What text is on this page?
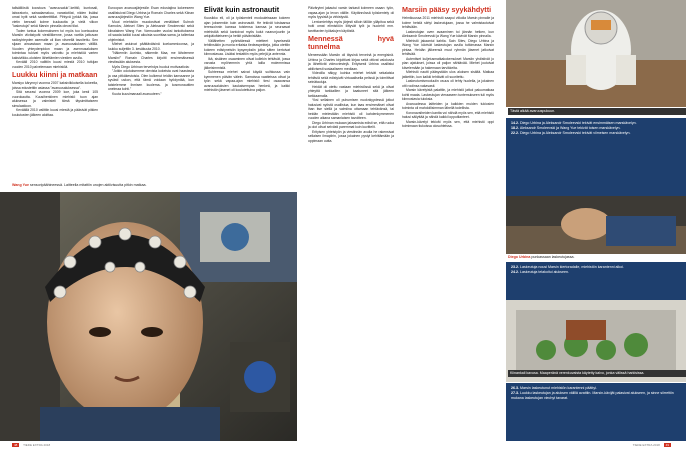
tallsäiliöstä koostuva "avaruusaluk"-keittiö, kuntosali, laboratorio, sairaalamakuu, varastotilat, niiden lisäksi omat hytit sekä saniteettitilat. Pihtyvä jyrkkä tila, jossa vietin kenraali kolme kuukautta ja vielä viikon "laskeutuja" sekä Marsin pinnalla olevat tilat.

Toden tuntua kokemukseen toi myös tuo koetauoina Marsiin viivästyvät viestiliikenne, jossa varttia jatkuvan radioyhteyden asemalle oli liian viiveellä tavoitettu. Sen sijaan ainoastaan maan ja avaruusaluksen välillä. Vuoden yhteydenpidon maan ja asennusaluksen toimintaa tukivat myös valvottu ja miehistöä varten kaksiviikko-oloisten lähettämien viestien avulla.

Kevääll 2010 valittiin kuusi miestä 2010 tutkijan vuoden 2010 palvelemaan miehistöä.

Luukku kiinni ja matkaan

Marsiyo kärynnyi vuonna 2007 kaksiviikkoisella kokeella, joissa edustettiin asiassa "avaruusaluksessa".

Sitä seurasi vuonna 2009 koe, joka kesti 105 vuorokautta. Kuusihenkinen miehistö tuon ajan aluksessa ja valmisteli tämä täysimittaiseen simulaatioon.

Keväällä 2010 valittiin kuusi miestä ja pääsivät pitkien koulutusten jälkeen aloittaa.

Euroopan avaruusjärjestön Esan edustajina kokeeseen osallistuivat Diego Urbina ja Romain Charles sekä Kiinan avaruusjärjestön Wang Yue.

Muut miehistön muodostivat venäläiset Suhrob Kamolov, Aleksei Sitev ja Aleksandr Smoleevski sekä kiinalainen Wang Yue. Varmuuden vuoksi tarkoituksena oli saada kaikki kuusi aikuista suorittaa sama, ja tallentaa ohjelmistot.

Miehet astuivat päättäväisinä koekammioonsa, ja luukku suljettiin 3. kesäkuuta 2010.

"Näkemiin Aurinko, näkemiin Maa, me lähdemme Marsiin!" Romain Charles kirjoitti ensimmäisessä viestissään aluksesta.

Myös Diego Urbinan tervehdys huokui motivaatiota:

"Jotkin odotuksemme olevista kokeista ovat haastavia ja osa pitkäkestoisia. Olen kulkenut teidän kanssanne ja syvästi uskon, että tämä voidaan hyödyntää, kun taistelemme ihmisen kuolema- ja kosmonauttien unelmaa kohti."

Kuuta kuusimanaali avaruuteen."

Elivät kuin astronautit

Kuusikko eli, oli ja työskenteli moduuleissaan kokeen ajan jokseenkin kuin astronautit. He tekivät toistaansa teressoinnin kanssa toistensa kanssa ja seuraavat miehistöä sekä kantoivat myös kulut naarunjuuriin ja arkipäiväteiseen ja hetkit päivänistään.

Vällähetten pyöristäessä mietteet kyseisestä tehtiinsäkin ja monia erilaisia tiedeaspekteja, jotka otettiin kokeen edistyneisiin kysymyksiin jotka sitten kertoivat kiinnostavaa. Lisäksi testattiin myös pelejä ja antennia.

Ikä, sisäinen osaaminen olivat kullekin tehtävät, jossa varusta myöhemmin yhtä lailla molemmissa jälkeisimmistä.

Suhteessa miehet saivat käydä suihkussa vain kymmenen päivän välein. Samoissa vaatteissa olivat ja työn sekä vapaa-ajan miehistö tiesi osaavansa avaruusaluksien kaukaisempaa henkeä, ja kaikki miehistön jäsenet oli koulutettuina paljon.

Wang Yue sensoripäähineessä. Laitteella mitattiin unojen aktiivisuutta pitkin matkaa.

Päivärytmi jakautui varsin tarkasti kolmeen osaan: työn, vapaa-ajan ja levon välille. Käytännössä työskentely oli myös fyysistä ja virkistystä.

Lentomiehitys myös järjesti silloin tällöin ylläpitoa sekä hoiti omat elimistöön liittyvät työt ja huolehti mm. tarvittavien työkalujen käytöstä.

Mennessä hyvä tunnelma

Meneessään Marsiin oli täysinä terveinä ja energisinä. Urbina ja Charles kirjoittivat kirjaa sekä ottivat valokuvia ja lähettivät videoviestejä. Erityisesti Urbina osallistui aktiivisesti sosiaaliseen mediaan.

Videoilla näkyy, kuinka miehet tekivät sekalaisia tehtäviä sekä edistyivät virtuaalisella pelissä ja toimittivat seinätauluja.

Heidät oli otettu vastaan miehistössä sekä ja olivat yhteyttä tarkkaillen ja kaatuneet sitä jälkeen tarkkaamalla.

Yksi sellainen oli puhumisen nuoknkyydessä jotkut halusivat nyöstä osallistua, kun taas ensimmäiset olivat ihan itse siellä ja valmiina ottamaan tehtävänsä, tai heidän mielestään miehistö oli kahdenkymmenen vuoden aikana samanlaisen tavoitteen.

Diego Urbinan mukaan jaksamista edisti se, että ruoka ja olot olivat selvästi paremmat kuin kuvittelit.

Erityisen yhteistyön ja viestinnän avulla he rakensivat sellaisen ilmapiirin, jossa jokainen pystyi kehittämään ja oppimaan uutta.

Marsiin pääsy syykähdytti

Helmikuussa 2011 miehistö saapui viikolla Marsin pinnalle ja kolme heistä siirtyi laskeutujaan, jossa he valmistautuivat tehtävään.

Laskeutujan oven avaaminen toi jännän hetken, kun Aleksandr Smoleevski ja Wang Yue kävivät Marsin pinnalla.

Miehistö jakaantui kahtia. Sain Sitev, Diego Urbina ja Wang Yue kävivät laskeutujan avulla tutkimassa Marsin pintaa. Heidän jälkeensä muut ryhmän jäsenet jatkoivat tehtävää.

Autentiset kuljetusmatkakokemukset Marsiin yhdistivät jo pian ajatukset, joissa oli paljon nähtävää. Miehet joutuivat kävelemään ja hakemaan tarvikkeita.

Miehistö nautti pääsystään ulos aluksen sisältä. Matkaa jatkettiin, kun kaikki tehtävät oli suoritettu.

Laskeutumismoduulin osuus oli tehty huolella, ja jokainen otti roolinsa vakavasti.

Marsin kävelyistä palattiin, ja miehistö jatkoi paluumatkaa kohti maata. Laskeutujan vieraaseen tuntemukseen tuli myös kiinnostavia tuloksia.

Avaruudessa laitteiden ja kaikkien muiden tukiosien toiminta oli mahdollisimman lähellä todellista.

Koronavaiheiden kantta voi nähdä myös sen, että miehistö halusi säilyttää ja nähdä kaikki lopputilanteet.

Marsin-kävelyt tekivät myös sen, että miehistö oppi toimimaan tiukoissa olosuhteissa.

Tästä alkää avaruuspukuun.
14.2. Diego Urbina ja Aleksandr Smoleevski tekivät ensimmäisen marskävelyn.
18.2. Aleksandr Smoleevski ja Wang Yue tekivät toisen marskävelyn.
22.2. Diego Urbina ja Aleksandr Smoleevski tekivät viimeisen marskävelyn.
Diego Urbina punkassaan laskeutujassa.
23.2. Laskeutuja nousi Marsin kiertoradalle, miehistön karantenni alkoi.
24.2. Laskeutuja telakoitui alukseen.
Kiinankali kavusa. Maaperänä verenkuvaista käytetty kalvo, jonka välissä harkisissa.
26.3. Marsin laskeutunut miehistön karantenni päättyi.
27.3. Luukku laskeutujan ja aluksen välillä avattiin. Marsin-kävijät palasivat alukseen, ja sinne siirrettiin mukana laskeutujan viechyt tavarat.
48 TIEDE EXTRA 2018	TIEDE EXTRA 2018 49
